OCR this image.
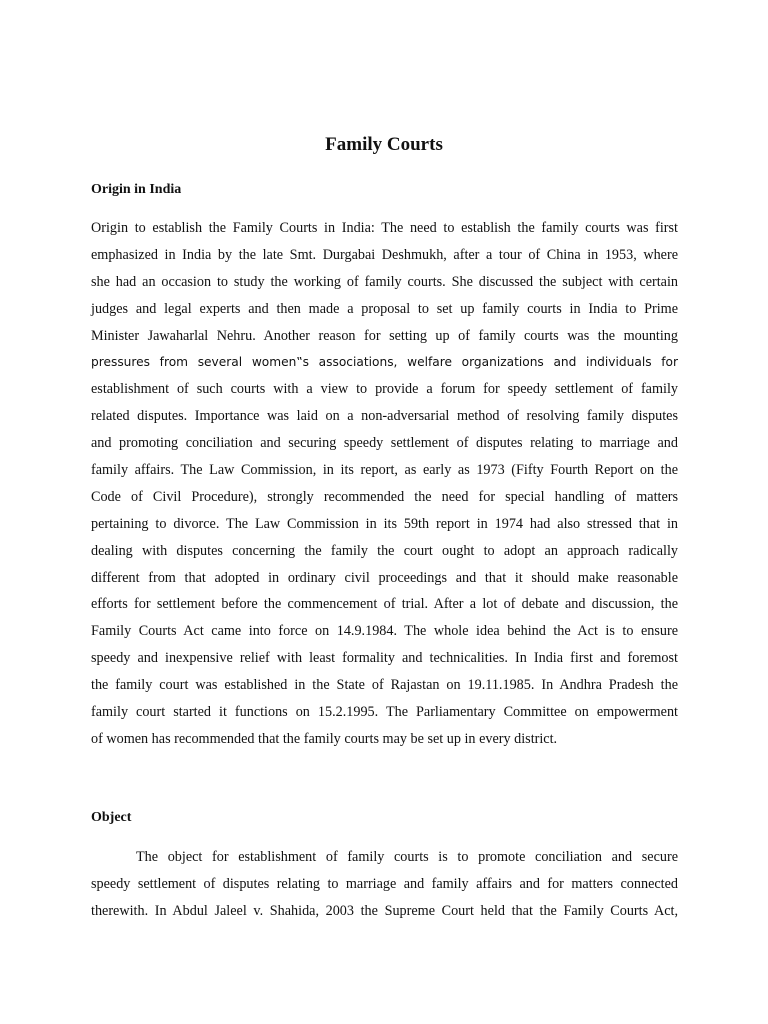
Family Courts
Origin in India
Origin to establish the Family Courts in India: The need to establish the family courts was first
emphasized in India by the late Smt. Durgabai Deshmukh, after a tour of China in 1953, where
she had an occasion to study the working of family courts. She discussed the subject with certain
judges and legal experts and then made a proposal to set up family courts in India to Prime
Minister Jawaharlal Nehru. Another reason for setting up of family courts was the mounting
pressures from several women‟s associations, welfare organizations and individuals for
establishment of such courts with a view to provide a forum for speedy settlement of family
related disputes. Importance was laid on a non-adversarial method of resolving family disputes
and promoting conciliation and securing speedy settlement of disputes relating to marriage and
family affairs. The Law Commission, in its report, as early as 1973 (Fifty Fourth Report on the
Code of Civil Procedure), strongly recommended the need for special handling of matters
pertaining to divorce. The Law Commission in its 59th report in 1974 had also stressed that in
dealing with disputes concerning the family the court ought to adopt an approach radically
different from that adopted in ordinary civil proceedings and that it should make reasonable
efforts for settlement before the commencement of trial. After a lot of debate and discussion, the
Family Courts Act came into force on 14.9.1984. The whole idea behind the Act is to ensure
speedy and inexpensive relief with least formality and technicalities. In India first and foremost
the family court was established in the State of Rajastan on 19.11.1985. In Andhra Pradesh the
family court started it functions on 15.2.1995. The Parliamentary Committee on empowerment
of women has recommended that the family courts may be set up in every district.
Object
The object for establishment of family courts is to promote conciliation and secure
speedy settlement of disputes relating to marriage and family affairs and for matters connected
therewith. In Abdul Jaleel v. Shahida, 2003 the Supreme Court held that the Family Courts Act,
